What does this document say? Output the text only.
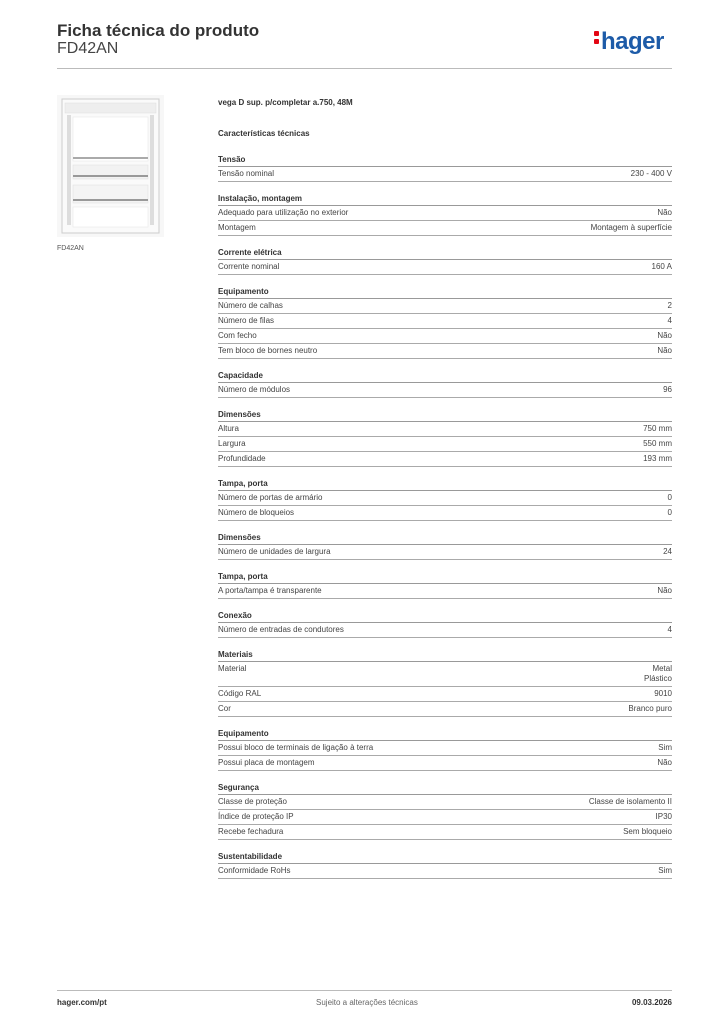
Ficha técnica do produto
FD42AN	hager
FD42AN
vega D sup. p/completar a.750, 48M
Características técnicas
Tensão
Tensão nominal	230 - 400 V
Instalação, montagem
Adequado para utilização no exterior	Não
Montagem	Montagem à superfície
Corrente elétrica
Corrente nominal	160 A
Equipamento
Número de calhas	2
Número de filas	4
Com fecho	Não
Tem bloco de bornes neutro	Não
Capacidade
Número de módulos	96
Dimensões
Altura	750 mm
Largura	550 mm
Profundidade	193 mm
Tampa, porta
Número de portas de armário	0
Número de bloqueios	0
Dimensões
Número de unidades de largura	24
Tampa, porta
A porta/tampa é transparente	Não
Conexão
Número de entradas de condutores	4
Materiais
Material	Metal
Plástico
Código RAL	9010
Cor	Branco puro
Equipamento
Possui bloco de terminais de ligação à terra	Sim
Possui placa de montagem	Não
Segurança
Classe de proteção	Classe de isolamento II
Índice de proteção IP	IP30
Recebe fechadura	Sem bloqueio
Sustentabilidade
Conformidade RoHs	Sim
hager.com/pt	Sujeito a alterações técnicas	09.03.2026
